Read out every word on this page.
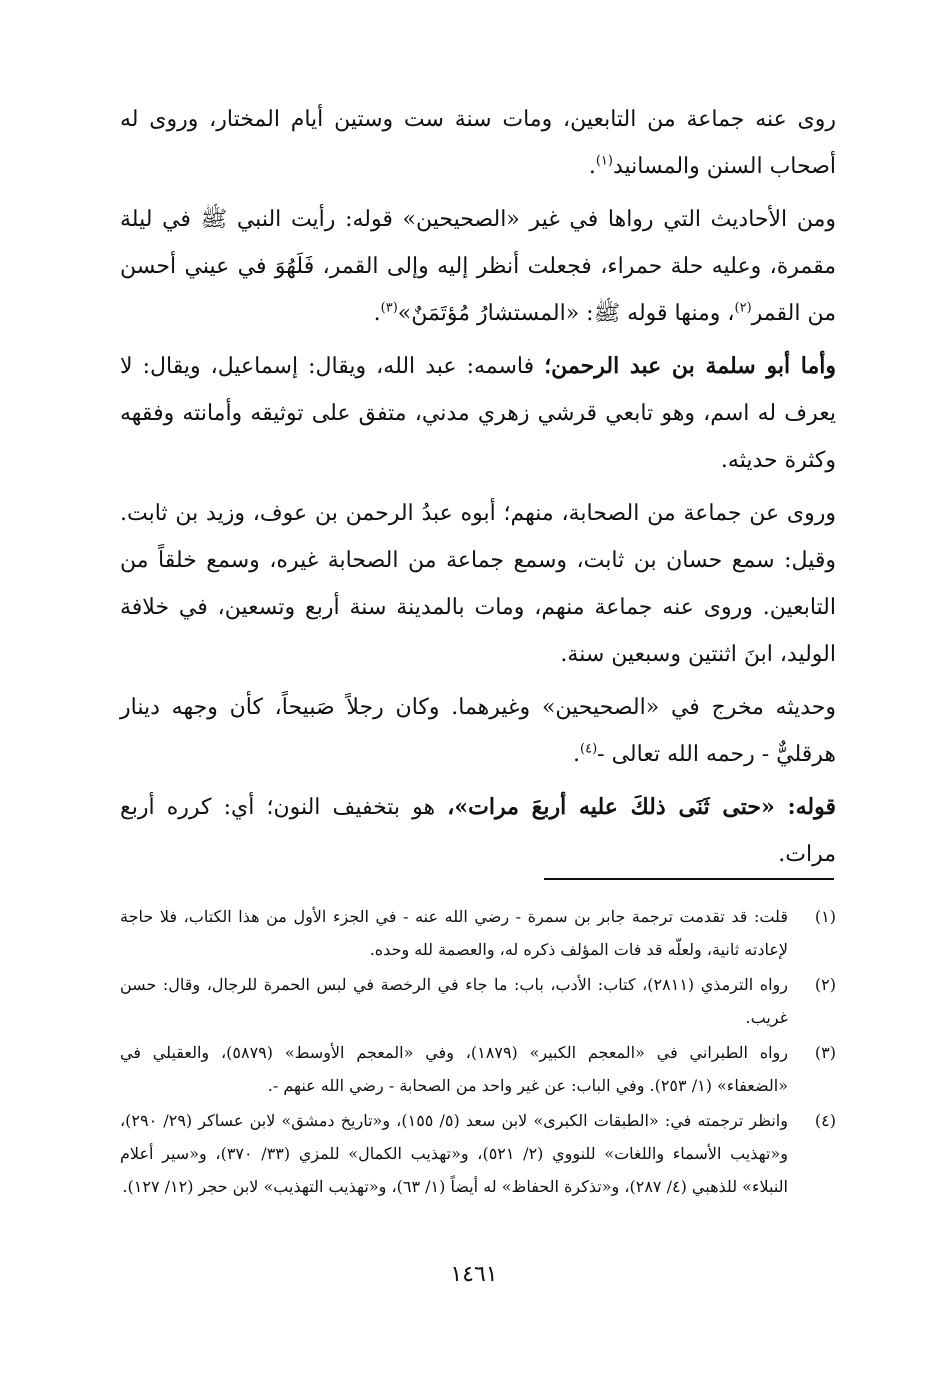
روى عنه جماعة من التابعين، ومات سنة ست وستين أيام المختار، وروى له أصحاب السنن والمسانيد$^{(١)}$.

ومن الأحاديث التي رواها في غير «الصحيحين» قوله: رأيت النبي ﷺ في ليلة مقمرة، وعليه حلة حمراء، فجعلت أنظر إليه وإلى القمر، فَلَهُوَ في عيني أحسن من القمر$^{(٢)}$، ومنها قوله ﷺ: «المستشارُ مُؤتَمَنٌ»$^{(٣)}$.

وأما أبو سلمة بن عبد الرحمن؛ فاسمه: عبد الله، ويقال: إسماعيل، ويقال: لا يعرف له اسم، وهو تابعي قرشي زهري مدني، متفق على توثيقه وأمانته وفقهه وكثرة حديثه.

وروى عن جماعة من الصحابة، منهم؛ أبوه عبدُ الرحمن بن عوف، وزيد بن ثابت. وقيل: سمع حسان بن ثابت، وسمع جماعة من الصحابة غيره، وسمع خلقاً من التابعين. وروى عنه جماعة منهم، ومات بالمدينة سنة أربع وتسعين، في خلافة الوليد، ابنَ اثنتين وسبعين سنة.

وحديثه مخرج في «الصحيحين» وغيرهما. وكان رجلاً صَبيحاً، كأن وجهه دينار هرقليٌّ - رحمه الله تعالى -$^{(٤)}$.

قوله: «حتى ثَنَى ذلكَ عليه أربعَ مرات»، هو بتخفيف النون؛ أي: كرره أربع مرات.

(١)
قلت: قد تقدمت ترجمة جابر بن سمرة - رضي الله عنه - في الجزء الأول من هذا الكتاب، فلا حاجة لإعادته ثانية، ولعلّه قد فات المؤلف ذكره له، والعصمة لله وحده.
(٢)
رواه الترمذي (٢٨١١)، كتاب: الأدب، باب: ما جاء في الرخصة في لبس الحمرة للرجال، وقال: حسن غريب.
(٣)
رواه الطبراني في «المعجم الكبير» (١٨٧٩)، وفي «المعجم الأوسط» (٥٨٧٩)، والعقيلي في «الضعفاء» (١/ ٢٥٣). وفي الباب: عن غير واحد من الصحابة - رضي الله عنهم -.
(٤)
وانظر ترجمته في: «الطبقات الكبرى» لابن سعد (٥/ ١٥٥)، و«تاريخ دمشق» لابن عساكر (٢٩/ ٢٩٠)، و«تهذيب الأسماء واللغات» للنووي (٢/ ٥٢١)، و«تهذيب الكمال» للمزي (٣٣/ ٣٧٠)، و«سير أعلام النبلاء» للذهبي (٤/ ٢٨٧)، و«تذكرة الحفاظ» له أيضاً (١/ ٦٣)، و«تهذيب التهذيب» لابن حجر (١٢/ ١٢٧).
١٤٦١
